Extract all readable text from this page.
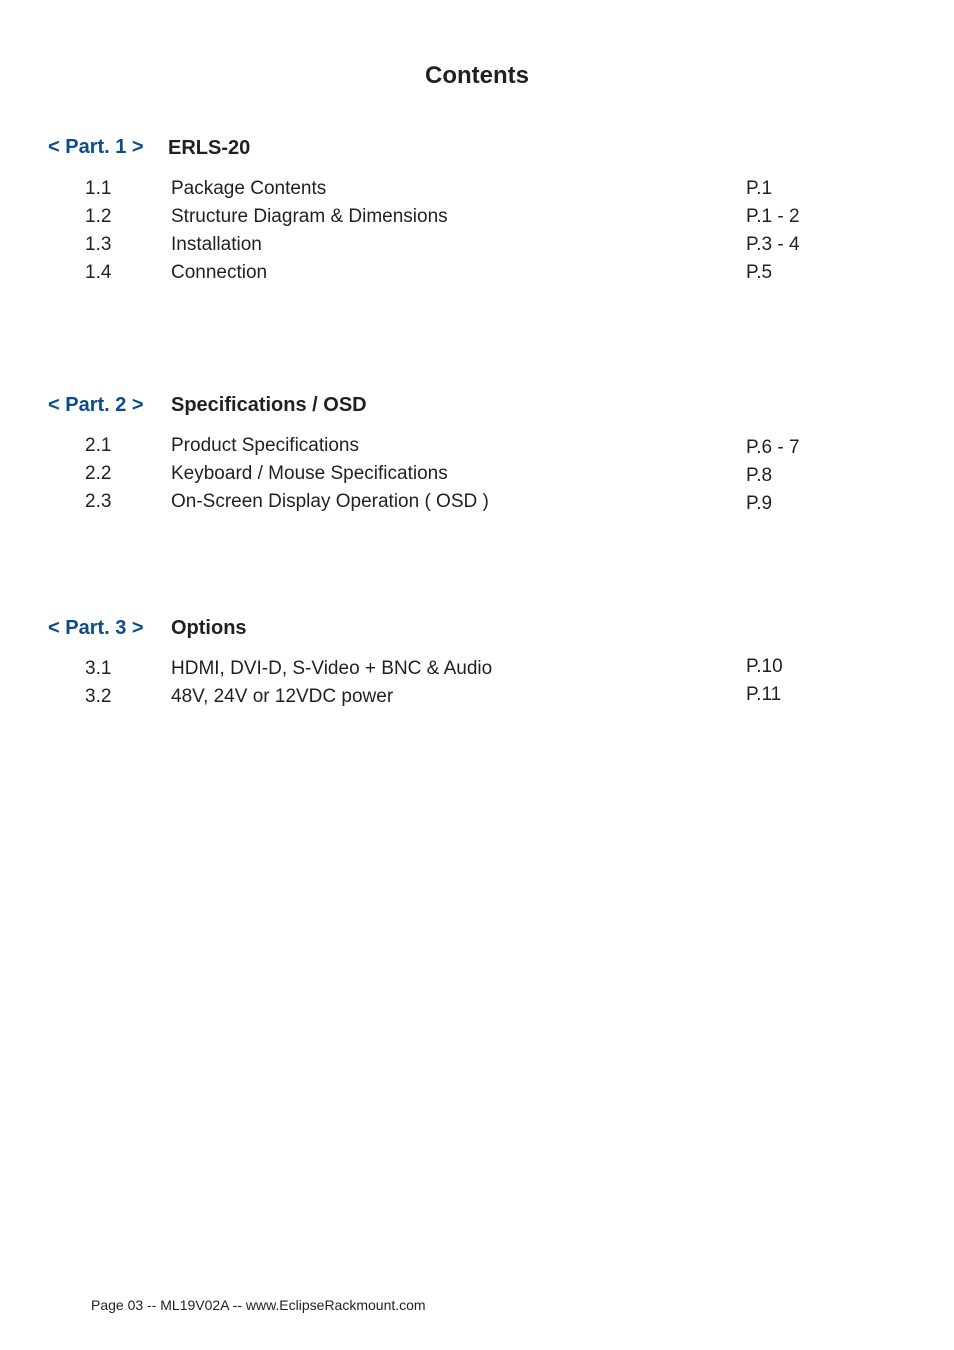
Contents
< Part. 1 > ERLS-20
1.1	Package Contents	P.1
1.2	Structure Diagram & Dimensions	P.1 - 2
1.3	Installation	P.3 - 4
1.4	Connection	P.5
< Part. 2 > Specifications / OSD
2.1	Product Specifications	P.6 - 7
2.2	Keyboard / Mouse Specifications	P.8
2.3	On-Screen Display Operation ( OSD )	P.9
< Part. 3 > Options
3.1	HDMI, DVI-D, S-Video + BNC & Audio	P.10
3.2	48V, 24V or 12VDC power	P.11
Page 03 -- ML19V02A -- www.EclipseRackmount.com
